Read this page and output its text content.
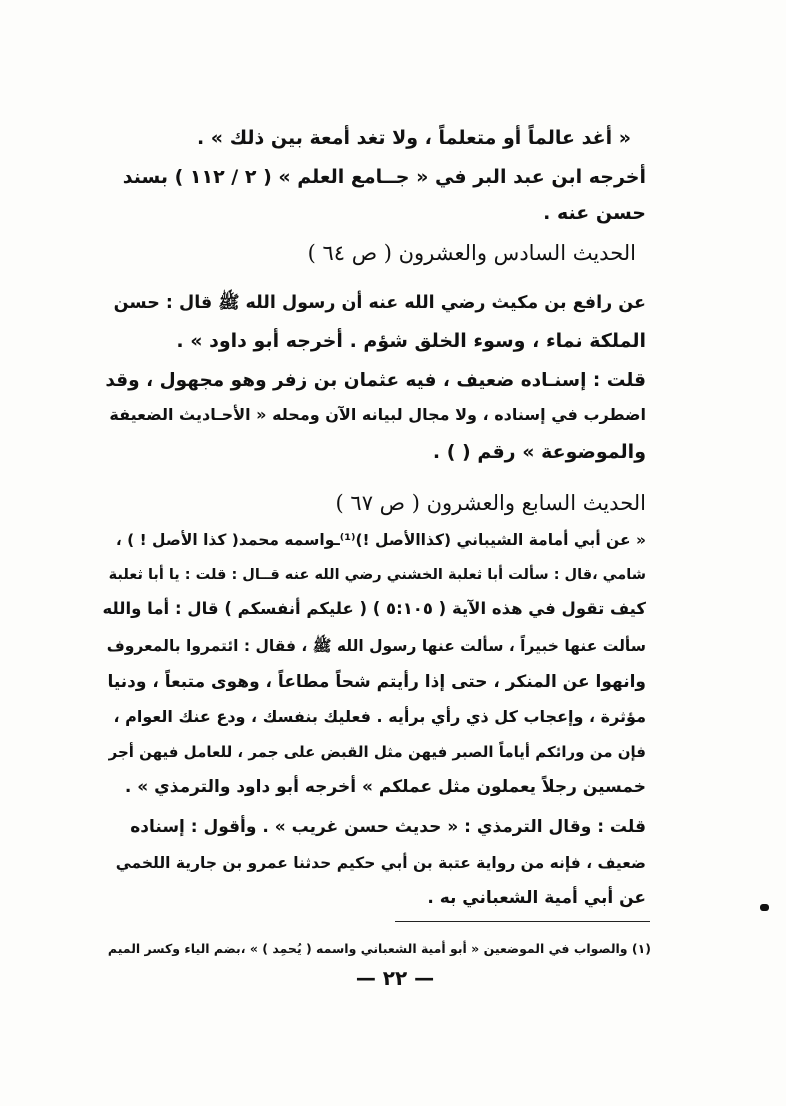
« أغد عالماً أو متعلماً ، ولا تغد أمعة بين ذلك » .
أخرجه ابن عبد البر في « جــامع العلم » ( ٢ / ١١٢ ) بسند
حسن عنه .
الحديث السادس والعشرون ( ص ٦٤ )
عن رافع بن مكيث رضي الله عنه أن رسول الله ﷺ قال : حسن
الملكة نماء ، وسوء الخلق شؤم . أخرجه أبو داود » .
قلت : إسنـاده ضعيف ، فيه عثمان بن زفر وهو مجهول ، وقد
اضطرب في إسناده ، ولا مجال لبيانه الآن ومحله « الأحـاديث الضعيفة
والموضوعة » رقم ( ) .
الحديث السابع والعشرون ( ص ٦٧ )
« عن أبي أمامة الشيباني (كذاالأصل !)⁽¹⁾ـواسمه محمد( كذا الأصل ! ) ،
شامي ،قال : سألت أبا ثعلبة الخشني رضي الله عنه قــال : قلت : يا أبا ثعلبة
كيف تقول في هذه الآية ( ٥:١٠٥ ) ( عليكم أنفسكم ) قال : أما والله
سألت عنها خبيراً ، سألت عنها رسول الله ﷺ ، فقال : ائتمروا بالمعروف
وانهوا عن المنكر ، حتى إذا رأيتم شحاً مطاعاً ، وهوى متبعاً ، ودنيا
مؤثرة ، وإعجاب كل ذي رأي برأيه . فعليك بنفسك ، ودع عنك العوام ،
فإن من ورائكم أياماً الصبر فيهن مثل القبض على جمر ، للعامل فيهن أجر
خمسين رجلاً يعملون مثل عملكم » أخرجه أبو داود والترمذي » .
قلت : وقال الترمذي : « حديث حسن غريب » . وأقول : إسناده
ضعيف ، فإنه من رواية عتبة بن أبي حكيم حدثنا عمرو بن جارية اللخمي
عن أبي أمية الشعباني به .
(١) والصواب في الموضعين « أبو أمية الشعباني واسمه ( يُحمِد ) » ،بضم الياء وكسر الميم
— ٢٢ —
